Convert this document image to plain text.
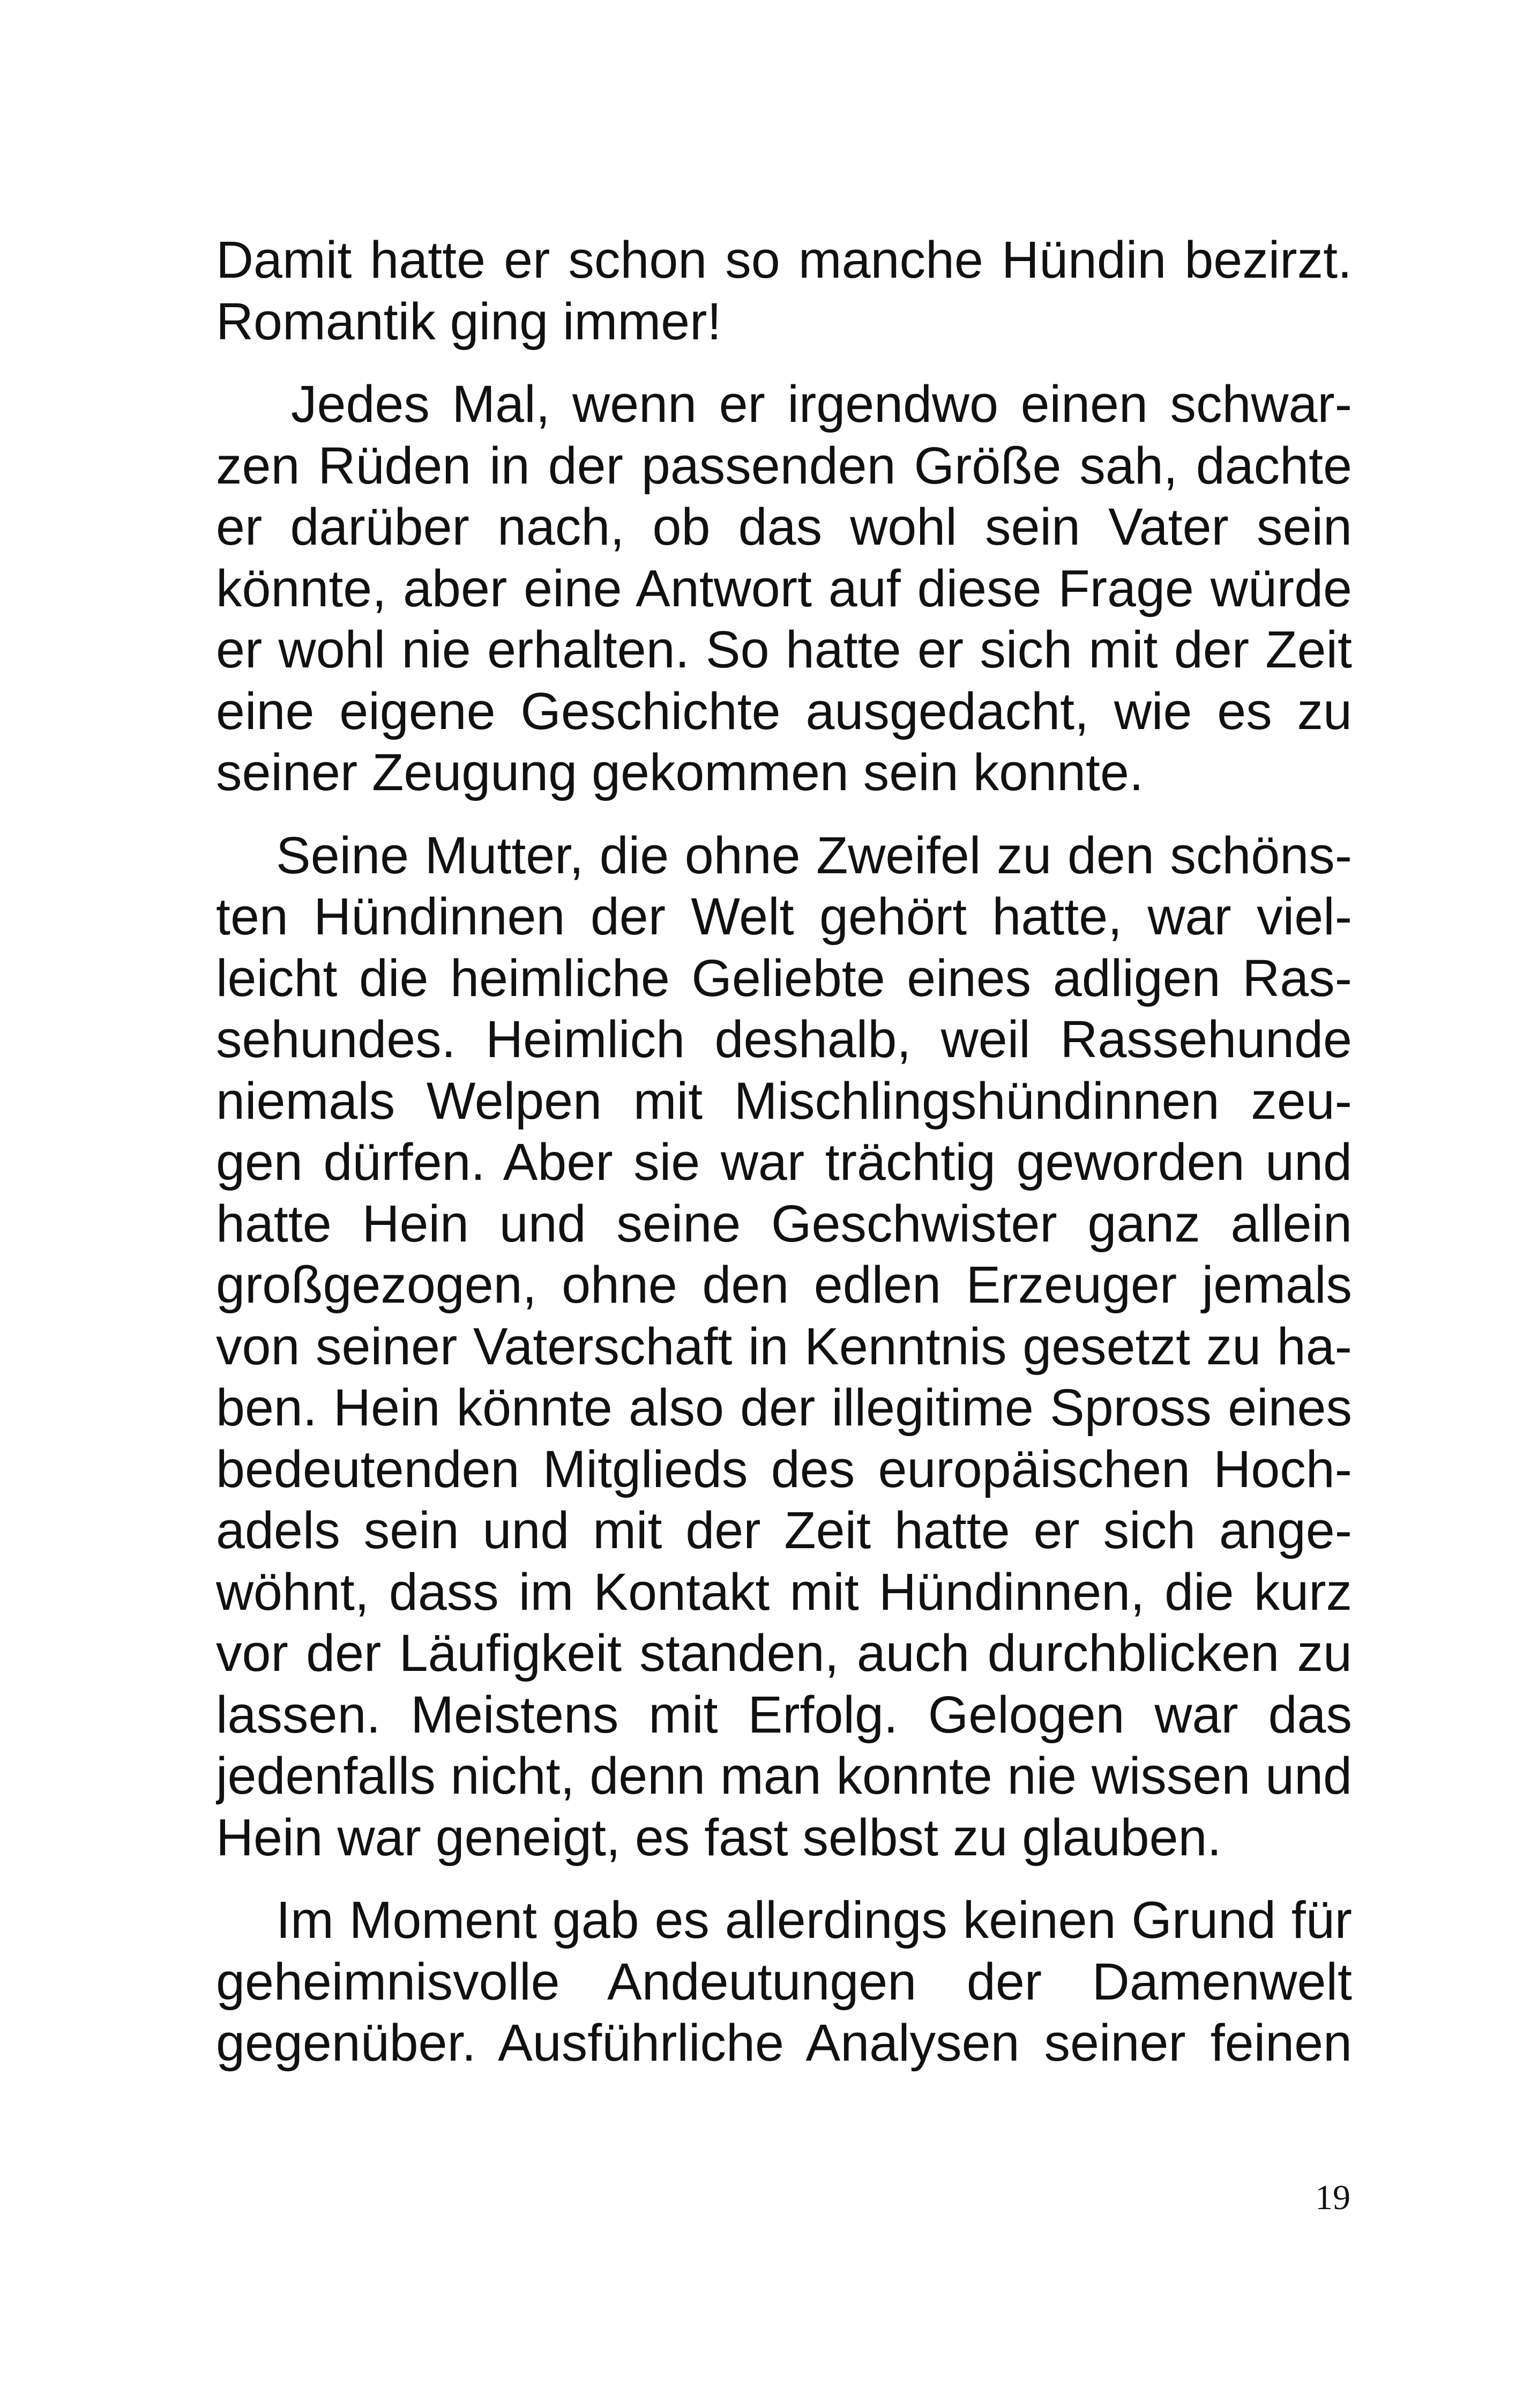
Damit hatte er schon so manche Hündin bezirzt.
Romantik ging immer!

Jedes Mal, wenn er irgendwo einen schwar-
zen Rüden in der passenden Größe sah, dachte
er darüber nach, ob das wohl sein Vater sein
könnte, aber eine Antwort auf diese Frage würde
er wohl nie erhalten. So hatte er sich mit der Zeit
eine eigene Geschichte ausgedacht, wie es zu
seiner Zeugung gekommen sein konnte.

Seine Mutter, die ohne Zweifel zu den schöns-
ten Hündinnen der Welt gehört hatte, war viel-
leicht die heimliche Geliebte eines adligen Ras-
sehundes. Heimlich deshalb, weil Rassehunde
niemals Welpen mit Mischlingshündinnen zeu-
gen dürfen. Aber sie war trächtig geworden und
hatte Hein und seine Geschwister ganz allein
großgezogen, ohne den edlen Erzeuger jemals
von seiner Vaterschaft in Kenntnis gesetzt zu ha-
ben. Hein könnte also der illegitime Spross eines
bedeutenden Mitglieds des europäischen Hoch-
adels sein und mit der Zeit hatte er sich ange-
wöhnt, dass im Kontakt mit Hündinnen, die kurz
vor der Läufigkeit standen, auch durchblicken zu
lassen. Meistens mit Erfolg. Gelogen war das
jedenfalls nicht, denn man konnte nie wissen und
Hein war geneigt, es fast selbst zu glauben.

Im Moment gab es allerdings keinen Grund für
geheimnisvolle Andeutungen der Damenwelt
gegenüber. Ausführliche Analysen seiner feinen

19
